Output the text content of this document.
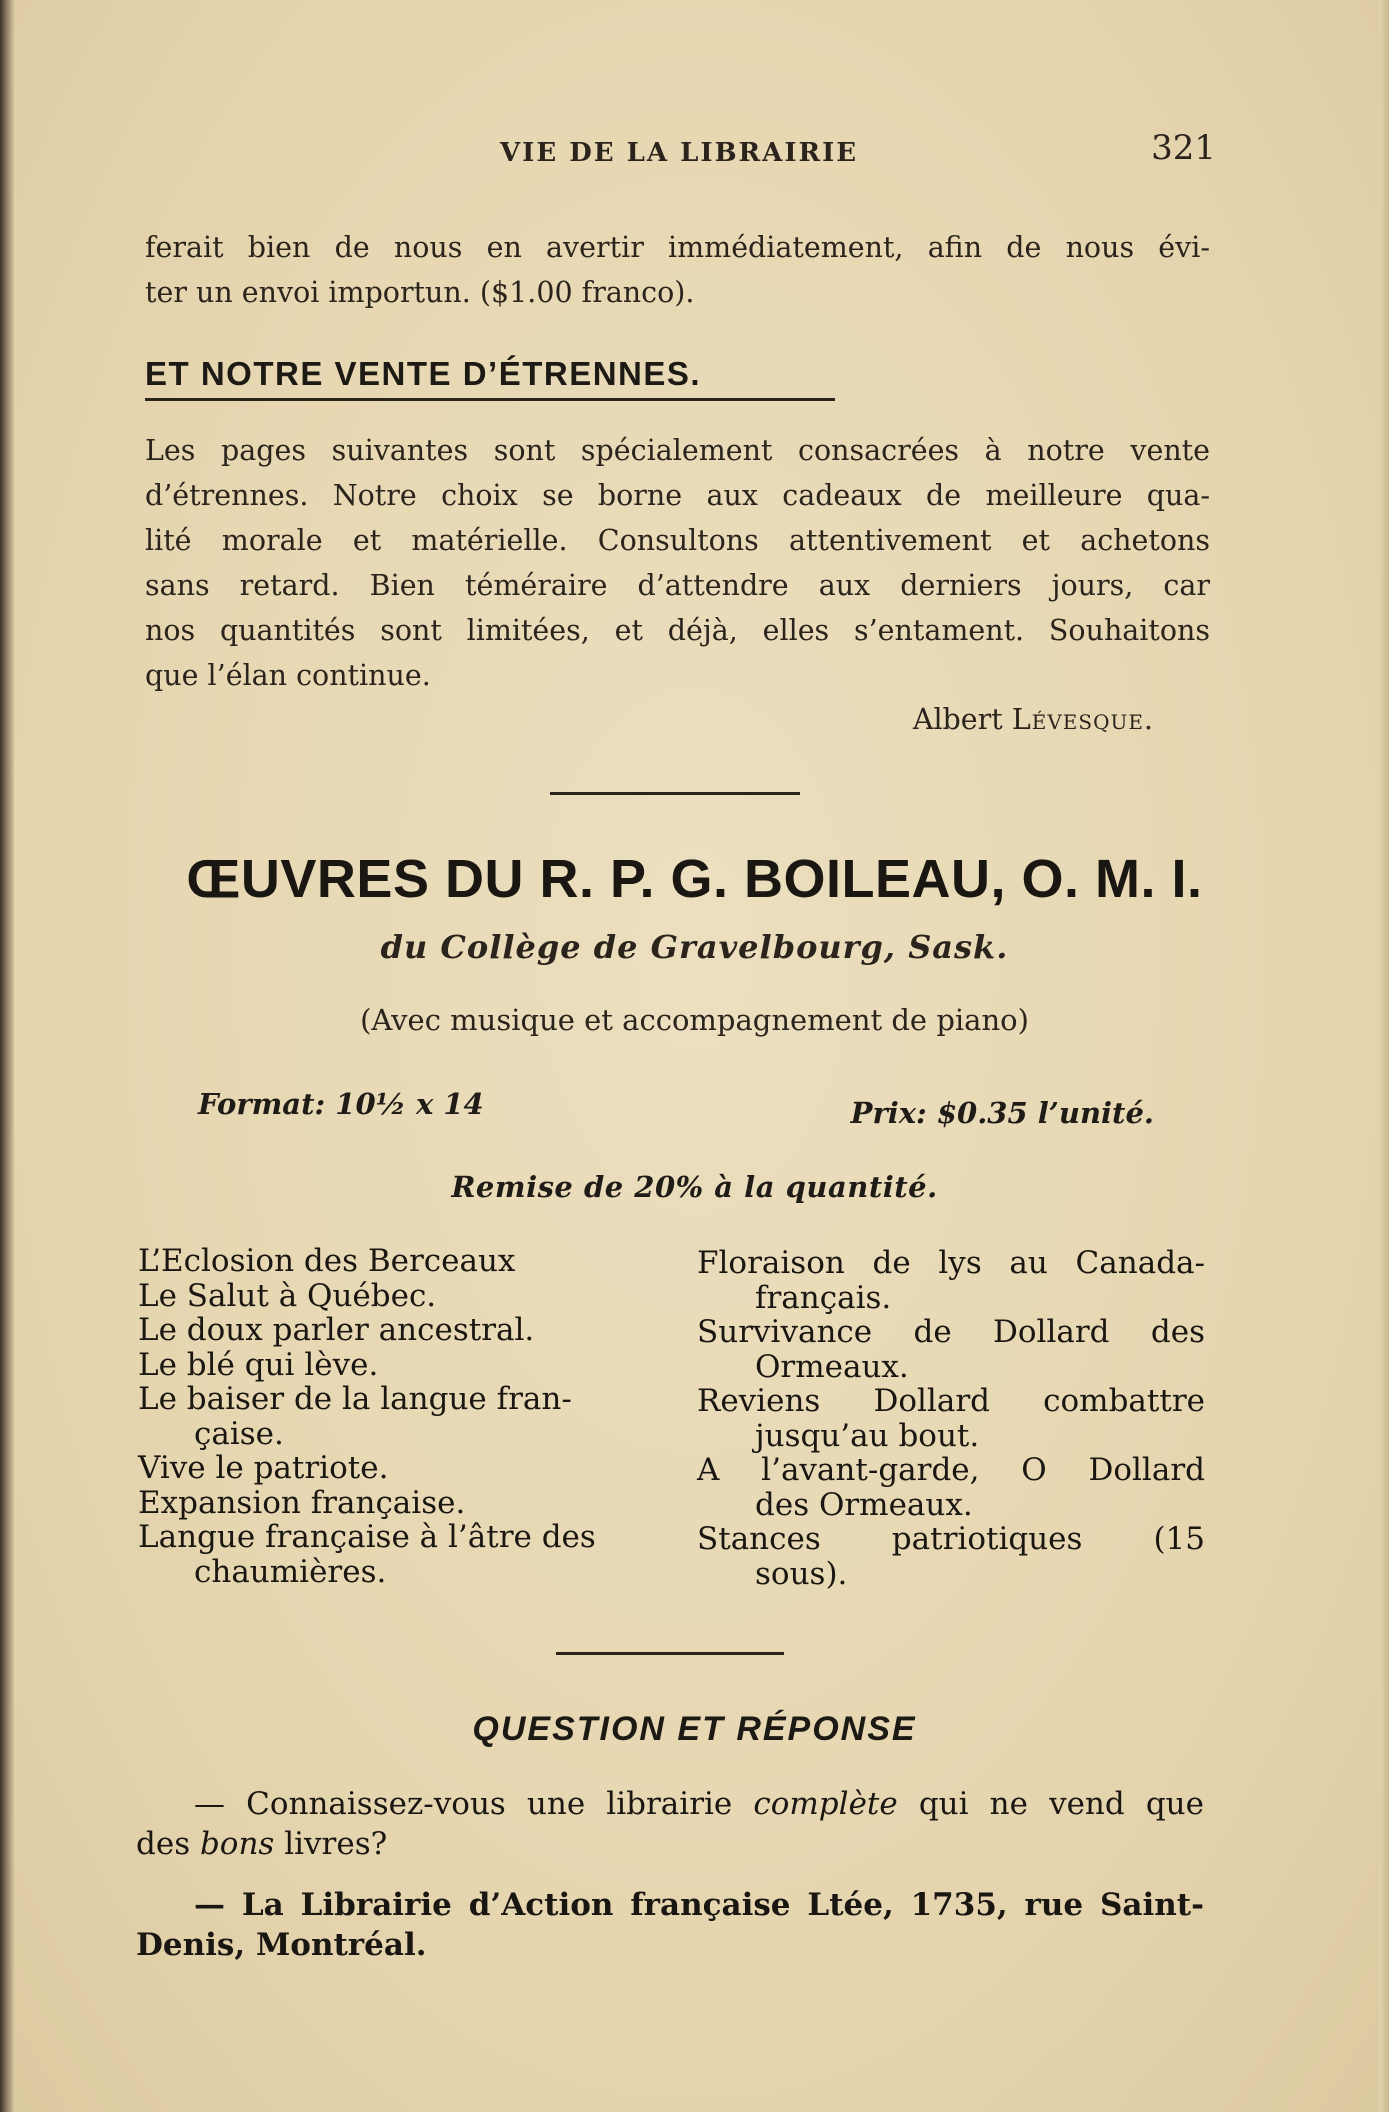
VIE DE LA LIBRAIRIE	321
ferait bien de nous en avertir immédiatement, afin de nous évi-
ter un envoi importun. ($1.00 franco).
ET NOTRE VENTE D’ÉTRENNES.
Les pages suivantes sont spécialement consacrées à notre vente
d’étrennes. Notre choix se borne aux cadeaux de meilleure qua-
lité morale et matérielle. Consultons attentivement et achetons
sans retard. Bien téméraire d’attendre aux derniers jours, car
nos quantités sont limitées, et déjà, elles s’entament. Souhaitons
que l’élan continue.
Albert Lévesque.
ŒUVRES DU R. P. G. BOILEAU, O. M. I.
du Collège de Gravelbourg, Sask.
(Avec musique et accompagnement de piano)
Format: 10½ x 14	Prix: $0.35 l’unité.
Remise de 20% à la quantité.
L’Eclosion des Berceaux
Le Salut à Québec.
Le doux parler ancestral.
Le blé qui lève.
Le baiser de la langue fran-
çaise.
Vive le patriote.
Expansion française.
Langue française à l’âtre des
chaumières.
Floraison de lys au Canada-
français.
Survivance de Dollard des
Ormeaux.
Reviens Dollard combattre
jusqu’au bout.
A l’avant-garde, O Dollard
des Ormeaux.
Stances patriotiques (15
sous).
QUESTION ET RÉPONSE
— Connaissez-vous une librairie complète qui ne vend que
des bons livres?
— La Librairie d’Action française Ltée, 1735, rue Saint-
Denis, Montréal.
